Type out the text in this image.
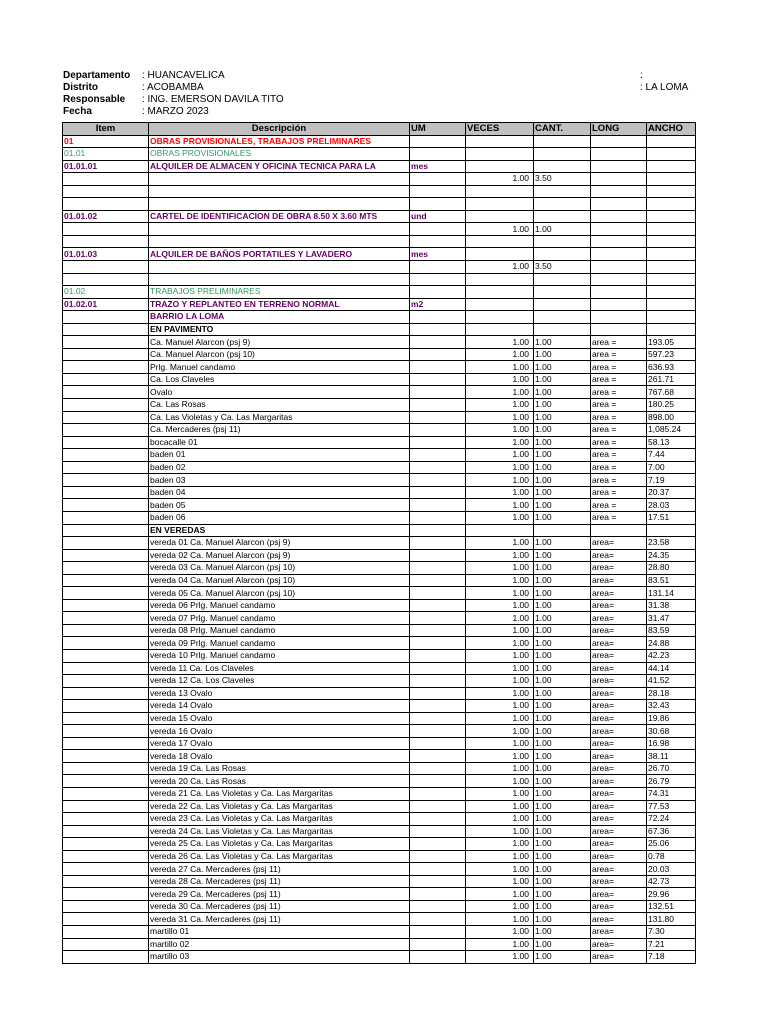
Departamento	: HUANCAVELICA
Distrito	: ACOBAMBA
Responsable	: ING. EMERSON DAVILA TITO
Fecha	: MARZO 2023
:
: LA LOMA
Item	Descripción	UM	VECES	CANT.	LONG	ANCHO
01	OBRAS PROVISIONALES, TRABAJOS PRELIMINARES					
01.01	OBRAS PROVISIONALES					
01.01.01	ALQUILER DE ALMACEN Y OFICINA TECNICA PARA LA	mes				
			1.00	3.50		

01.01.02	CARTEL DE IDENTIFICACION DE OBRA 8.50 X 3.60 MTS	und				
			1.00	1.00		

01.01.03	ALQUILER DE BAÑOS PORTATILES Y LAVADERO	mes				
			1.00	3.50		

01.02	TRABAJOS PRELIMINARES					
01.02.01	TRAZO Y REPLANTEO EN TERRENO NORMAL	m2				
	BARRIO LA LOMA					
	EN PAVIMENTO					
	Ca. Manuel Alarcon (psj 9)		1.00	1.00	area =	193.05
	Ca. Manuel Alarcon (psj 10)		1.00	1.00	area =	597.23
	Prlg. Manuel candamo		1.00	1.00	area =	636.93
	Ca. Los Claveles		1.00	1.00	area =	261.71
	Ovalo		1.00	1.00	area =	767.68
	Ca. Las Rosas		1.00	1.00	area =	180.25
	Ca. Las Violetas y Ca. Las Margaritas		1.00	1.00	area =	898.00
	Ca. Mercaderes (psj 11)		1.00	1.00	area =	1,085.24
	bocacalle 01		1.00	1.00	area =	58.13
	baden 01		1.00	1.00	area =	7.44
	baden 02		1.00	1.00	area =	7.00
	baden 03		1.00	1.00	area =	7.19
	baden 04		1.00	1.00	area =	20.37
	baden 05		1.00	1.00	area =	28.03
	baden 06		1.00	1.00	area =	17.51
	EN VEREDAS					
	vereda 01 Ca. Manuel Alarcon (psj 9)		1.00	1.00	area=	23.58
	vereda 02 Ca. Manuel Alarcon (psj 9)		1.00	1.00	area=	24.35
	vereda 03 Ca. Manuel Alarcon (psj 10)		1.00	1.00	area=	28.80
	vereda 04 Ca. Manuel Alarcon (psj 10)		1.00	1.00	area=	83.51
	vereda 05 Ca. Manuel Alarcon (psj 10)		1.00	1.00	area=	131.14
	vereda 06 Prlg. Manuel candamo		1.00	1.00	area=	31.38
	vereda 07 Prlg. Manuel candamo		1.00	1.00	area=	31.47
	vereda 08 Prlg. Manuel candamo		1.00	1.00	area=	83.59
	vereda 09 Prlg. Manuel candamo		1.00	1.00	area=	24.88
	vereda 10 Prlg. Manuel candamo		1.00	1.00	area=	42.23
	vereda 11 Ca. Los Claveles		1.00	1.00	area=	44.14
	vereda 12 Ca. Los Claveles		1.00	1.00	area=	41.52
	vereda 13 Ovalo		1.00	1.00	area=	28.18
	vereda 14 Ovalo		1.00	1.00	area=	32.43
	vereda 15 Ovalo		1.00	1.00	area=	19.86
	vereda 16 Ovalo		1.00	1.00	area=	30.68
	vereda 17 Ovalo		1.00	1.00	area=	16.98
	vereda 18 Ovalo		1.00	1.00	area=	38.11
	vereda 19 Ca. Las Rosas		1.00	1.00	area=	26.70
	vereda 20 Ca. Las Rosas		1.00	1.00	area=	26.79
	vereda 21 Ca. Las Violetas y Ca. Las Margaritas		1.00	1.00	area=	74.31
	vereda 22 Ca. Las Violetas y Ca. Las Margaritas		1.00	1.00	area=	77.53
	vereda 23 Ca. Las Violetas y Ca. Las Margaritas		1.00	1.00	area=	72.24
	vereda 24 Ca. Las Violetas y Ca. Las Margaritas		1.00	1.00	area=	67.36
	vereda 25 Ca. Las Violetas y Ca. Las Margaritas		1.00	1.00	area=	25.06
	vereda 26 Ca. Las Violetas y Ca. Las Margaritas		1.00	1.00	area=	0.78
	vereda 27 Ca. Mercaderes (psj 11)		1.00	1.00	area=	20.03
	vereda 28 Ca. Mercaderes (psj 11)		1.00	1.00	area=	42.73
	vereda 29 Ca. Mercaderes (psj 11)		1.00	1.00	area=	29.96
	vereda 30 Ca. Mercaderes (psj 11)		1.00	1.00	area=	132.51
	vereda 31 Ca. Mercaderes (psj 11)		1.00	1.00	area=	131.80
	martillo 01		1.00	1.00	area=	7.30
	martillo 02		1.00	1.00	area=	7.21
	martillo 03		1.00	1.00	area=	7.18
